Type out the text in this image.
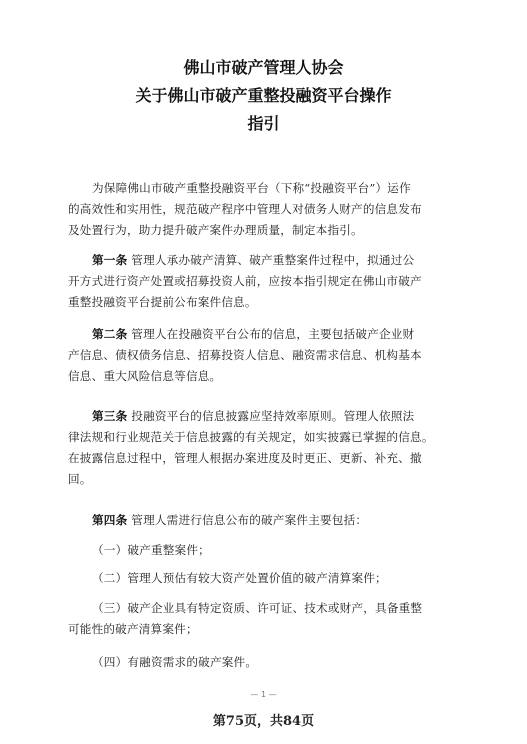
佛山市破产管理人协会
关于佛山市破产重整投融资平台操作
指引
为保障佛山市破产重整投融资平台（下称“投融资平台”）运作
的高效性和实用性，规范破产程序中管理人对债务人财产的信息发布
及处置行为，助力提升破产案件办理质量，制定本指引。
第一条 管理人承办破产清算、破产重整案件过程中，拟通过公
开方式进行资产处置或招募投资人前，应按本指引规定在佛山市破产
重整投融资平台提前公布案件信息。
第二条 管理人在投融资平台公布的信息，主要包括破产企业财
产信息、债权债务信息、招募投资人信息、融资需求信息、机构基本
信息、重大风险信息等信息。
第三条 投融资平台的信息披露应坚持效率原则。管理人依照法
律法规和行业规范关于信息披露的有关规定，如实披露已掌握的信息。
在披露信息过程中，管理人根据办案进度及时更正、更新、补充、撤
回。
第四条 管理人需进行信息公布的破产案件主要包括：
（一）破产重整案件；
（二）管理人预估有较大资产处置价值的破产清算案件；
（三）破产企业具有特定资质、许可证、技术或财产，具备重整
可能性的破产清算案件；
（四）有融资需求的破产案件。
— 1 —
第75页，共84页
